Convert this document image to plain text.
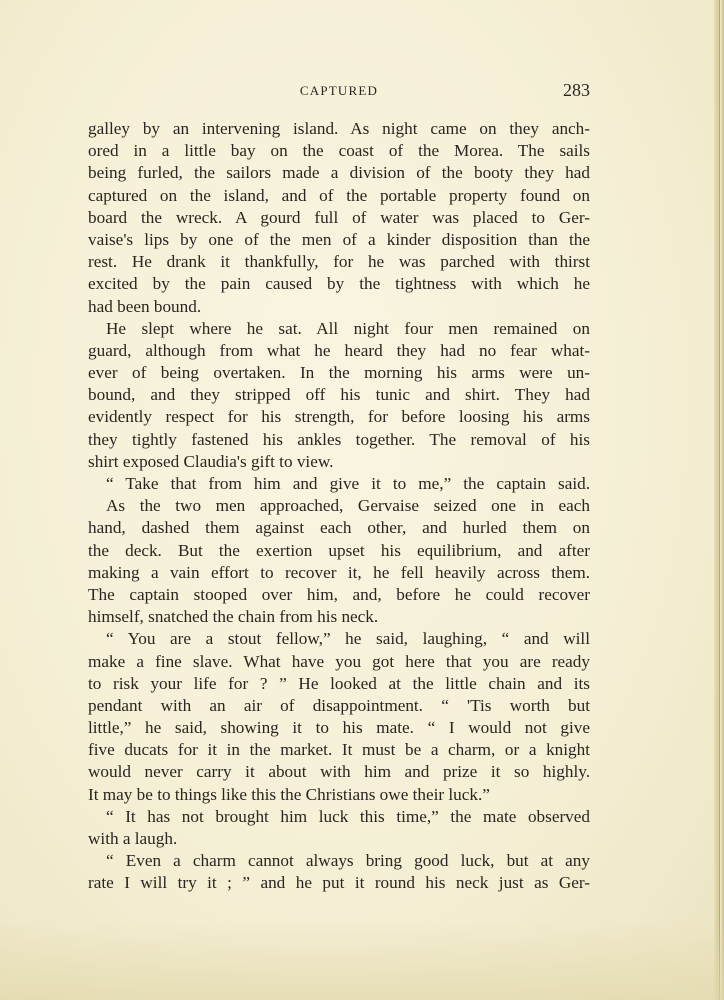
CAPTURED	283
galley by an intervening island. As night came on they anch-
ored in a little bay on the coast of the Morea. The sails
being furled, the sailors made a division of the booty they had
captured on the island, and of the portable property found on
board the wreck. A gourd full of water was placed to Ger-
vaise's lips by one of the men of a kinder disposition than the
rest. He drank it thankfully, for he was parched with thirst
excited by the pain caused by the tightness with which he
had been bound.
He slept where he sat. All night four men remained on
guard, although from what he heard they had no fear what-
ever of being overtaken. In the morning his arms were un-
bound, and they stripped off his tunic and shirt. They had
evidently respect for his strength, for before loosing his arms
they tightly fastened his ankles together. The removal of his
shirt exposed Claudia's gift to view.
“ Take that from him and give it to me,” the captain said.
As the two men approached, Gervaise seized one in each
hand, dashed them against each other, and hurled them on
the deck. But the exertion upset his equilibrium, and after
making a vain effort to recover it, he fell heavily across them.
The captain stooped over him, and, before he could recover
himself, snatched the chain from his neck.
“ You are a stout fellow,” he said, laughing, “ and will
make a fine slave. What have you got here that you are ready
to risk your life for ? ” He looked at the little chain and its
pendant with an air of disappointment. “ 'Tis worth but
little,” he said, showing it to his mate. “ I would not give
five ducats for it in the market. It must be a charm, or a knight
would never carry it about with him and prize it so highly.
It may be to things like this the Christians owe their luck.”
“ It has not brought him luck this time,” the mate observed
with a laugh.
“ Even a charm cannot always bring good luck, but at any
rate I will try it ; ” and he put it round his neck just as Ger-
